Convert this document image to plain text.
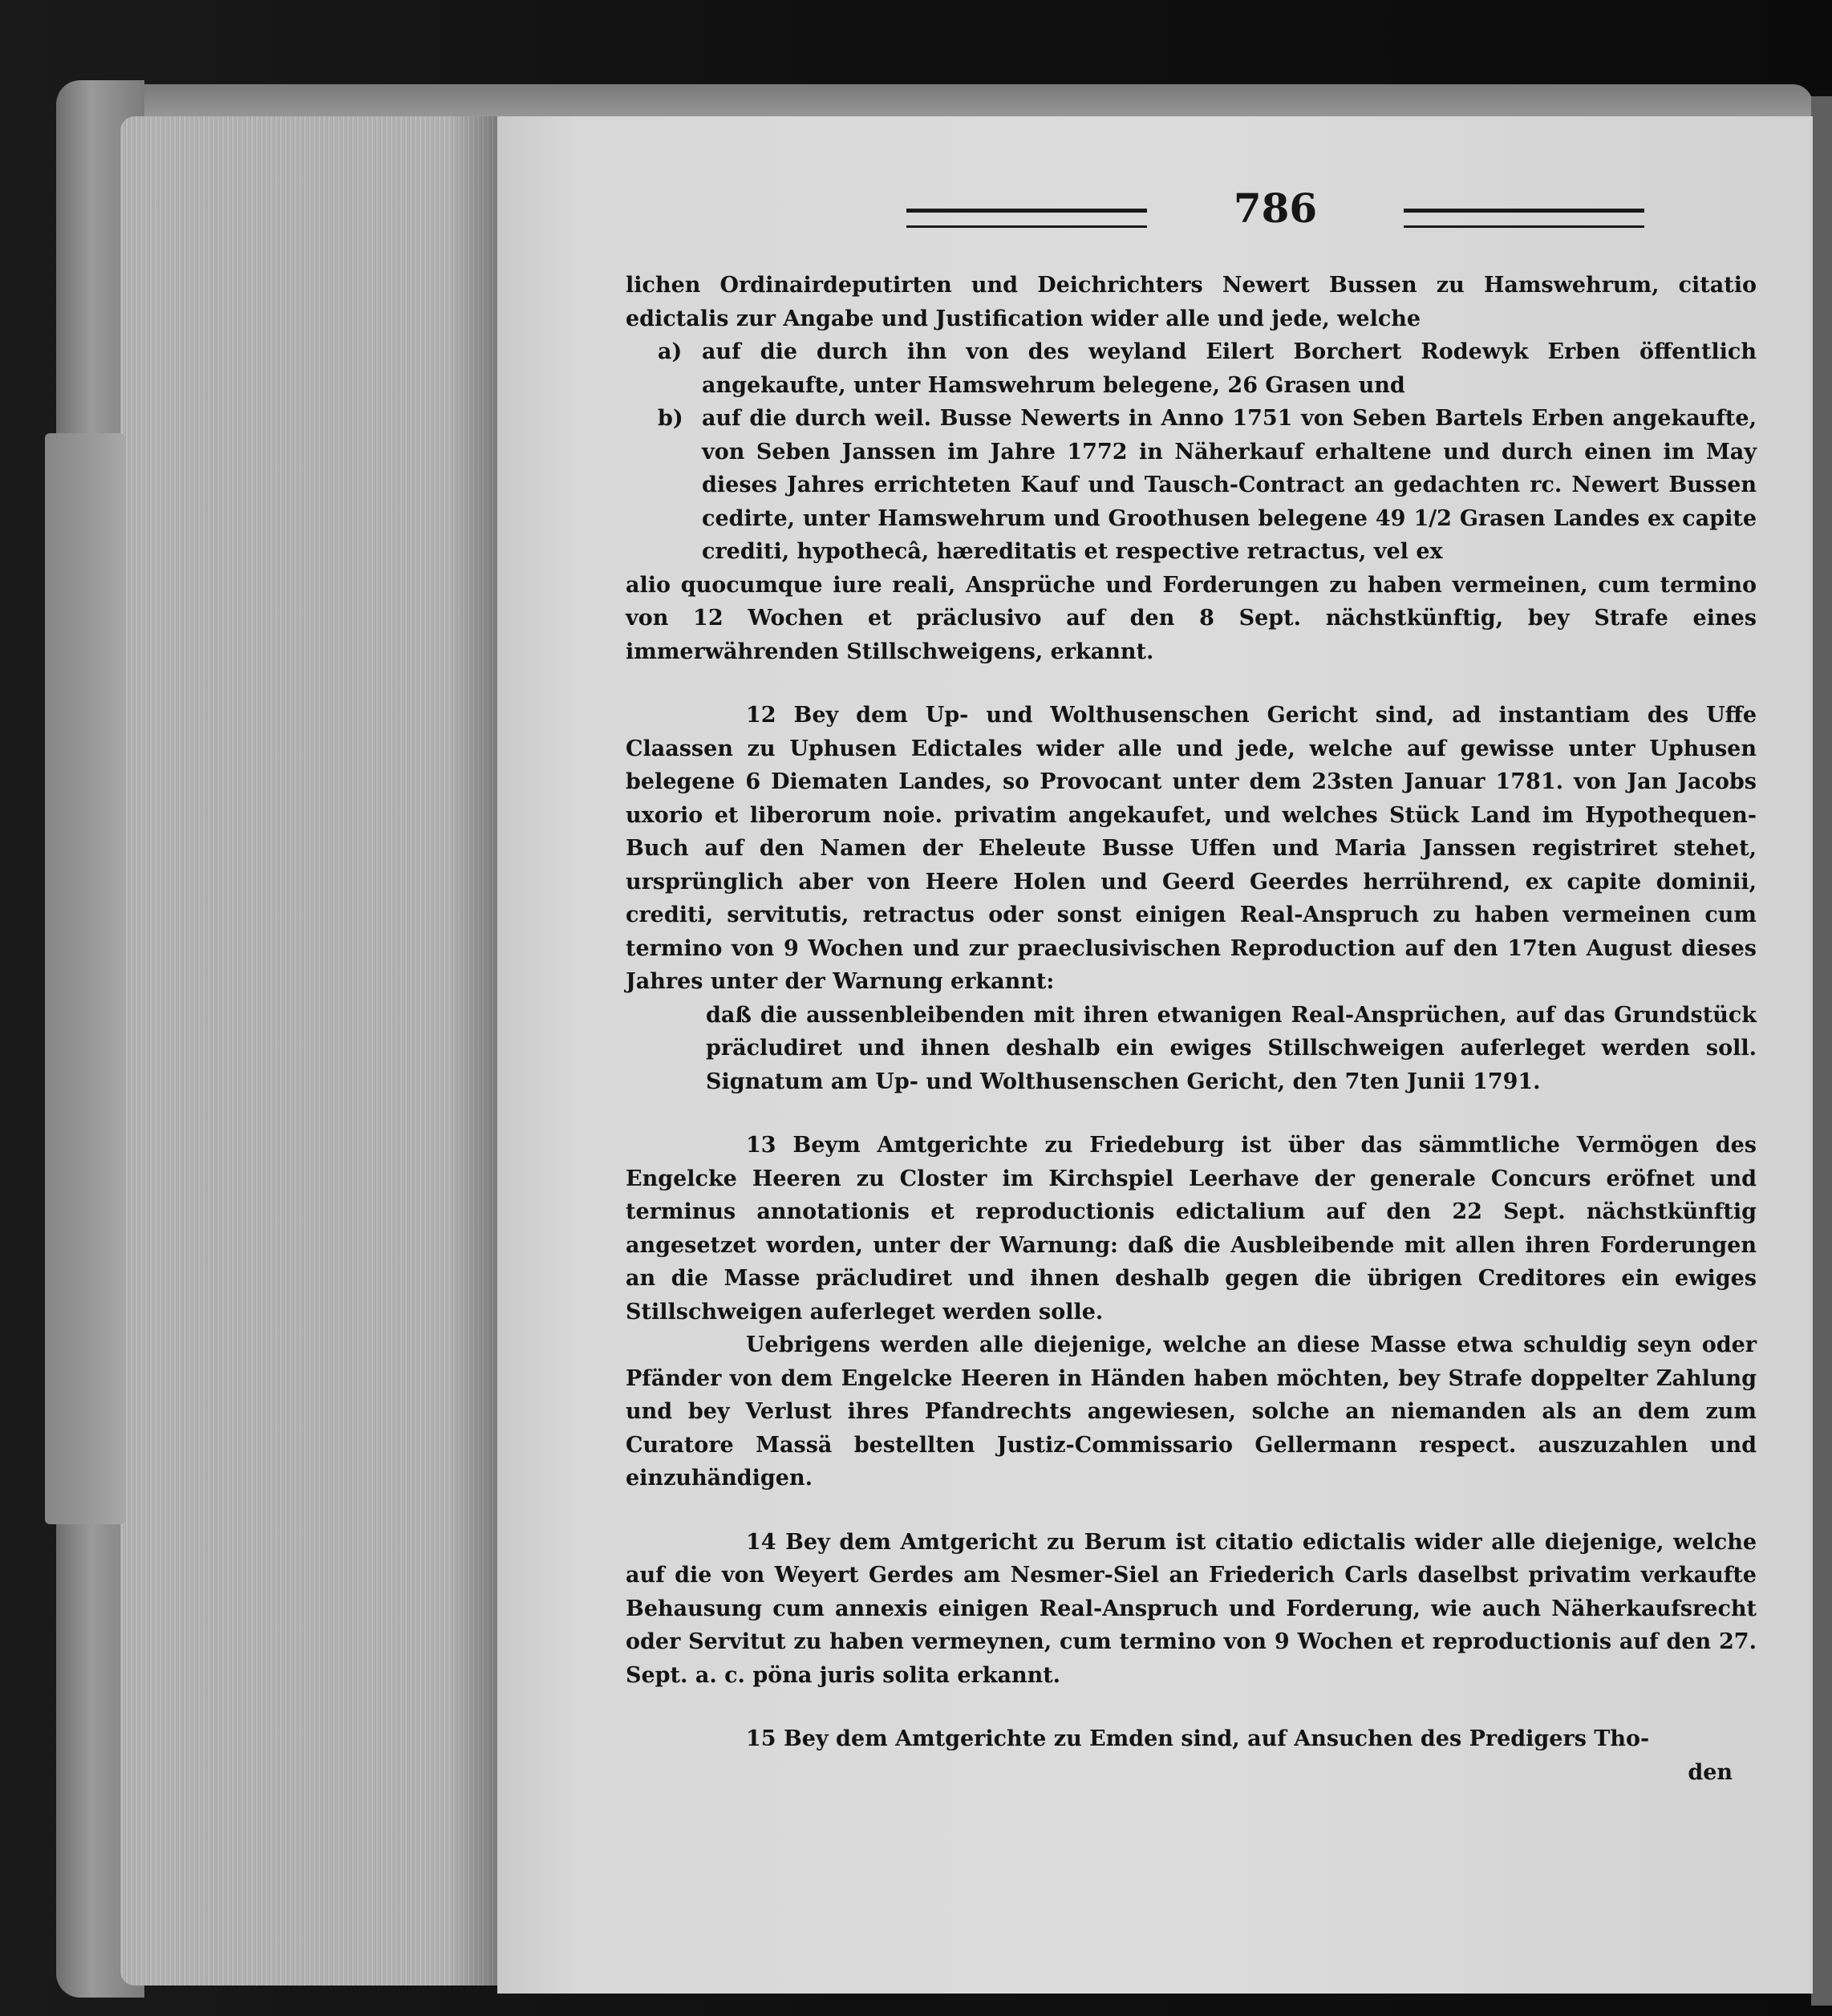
786

lichen Ordinairdeputirten und Deichrichters Newert Bussen zu Hamswehrum, citatio edictalis zur Angabe und Justification wider alle und jede, welche

a) auf die durch ihn von des weyland Eilert Borchert Rodewyk Erben öffentlich angekaufte, unter Hamswehrum belegene, 26 Grasen und
b) auf die durch weil. Busse Newerts in Anno 1751 von Seben Bartels Erben angekaufte, von Seben Janssen im Jahre 1772 in Näherkauf erhaltene und durch einen im May dieses Jahres errichteten Kauf und Tausch-Contract an gedachten rc. Newert Bussen cedirte, unter Hamswehrum und Groothusen belegene 49 1/2 Grasen Landes ex capite crediti, hypothecâ, hæreditatis et respective retractus, vel ex

alio quocumque iure reali, Ansprüche und Forderungen zu haben vermeinen, cum termino von 12 Wochen et präclusivo auf den 8 Sept. nächstkünftig, bey Strafe eines immerwährenden Stillschweigens, erkannt.

12 Bey dem Up- und Wolthusenschen Gericht sind, ad instantiam des Uffe Claassen zu Uphusen Edictales wider alle und jede, welche auf gewisse unter Uphusen belegene 6 Diematen Landes, so Provocant unter dem 23sten Januar 1781. von Jan Jacobs uxorio et liberorum noie. privatim angekaufet, und welches Stück Land im Hypothequen-Buch auf den Namen der Eheleute Busse Uffen und Maria Janssen registriret stehet, ursprünglich aber von Heere Holen und Geerd Geerdes herrührend, ex capite dominii, crediti, servitutis, retractus oder sonst einigen Real-Anspruch zu haben vermeinen cum termino von 9 Wochen und zur praeclusivischen Reproduction auf den 17ten August dieses Jahres unter der Warnung erkannt:

daß die aussenbleibenden mit ihren etwanigen Real-Ansprüchen, auf das Grundstück präcludiret und ihnen deshalb ein ewiges Stillschweigen auferleget werden soll. Signatum am Up- und Wolthusenschen Gericht, den 7ten Junii 1791.

13 Beym Amtgerichte zu Friedeburg ist über das sämmtliche Vermögen des Engelcke Heeren zu Closter im Kirchspiel Leerhave der generale Concurs eröfnet und terminus annotationis et reproductionis edictalium auf den 22 Sept. nächstkünftig angesetzet worden, unter der Warnung: daß die Ausbleibende mit allen ihren Forderungen an die Masse präcludiret und ihnen deshalb gegen die übrigen Creditores ein ewiges Stillschweigen auferleget werden solle.

Uebrigens werden alle diejenige, welche an diese Masse etwa schuldig seyn oder Pfänder von dem Engelcke Heeren in Händen haben möchten, bey Strafe doppelter Zahlung und bey Verlust ihres Pfandrechts angewiesen, solche an niemanden als an dem zum Curatore Massä bestellten Justiz-Commissario Gellermann respect. auszuzahlen und einzuhändigen.

14 Bey dem Amtgericht zu Berum ist citatio edictalis wider alle diejenige, welche auf die von Weyert Gerdes am Nesmer-Siel an Friederich Carls daselbst privatim verkaufte Behausung cum annexis einigen Real-Anspruch und Forderung, wie auch Näherkaufsrecht oder Servitut zu haben vermeynen, cum termino von 9 Wochen et reproductionis auf den 27. Sept. a. c. pöna juris solita erkannt.

15 Bey dem Amtgerichte zu Emden sind, auf Ansuchen des Predigers Tho-

den
